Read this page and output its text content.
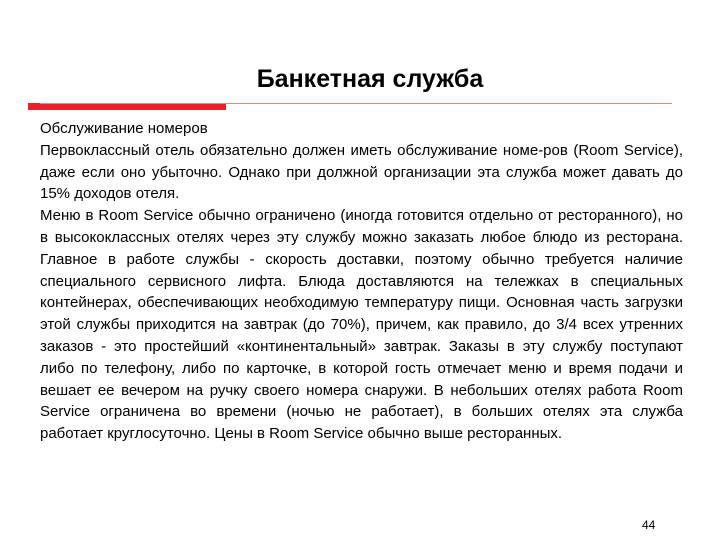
Банкетная служба

Обслуживание номеров

Первоклассный отель обязательно должен иметь обслуживание номе-ров (Room Service), даже если оно убыточно. Однако при должной организации эта служба может давать до 15% доходов отеля.

Меню в Room Service обычно ограничено (иногда готовится отдельно от ресторанного), но в высококлассных отелях через эту службу можно заказать любое блюдо из ресторана. Главное в работе службы - скорость доставки, поэтому обычно требуется наличие специального сервисного лифта. Блюда доставляются на тележках в специальных контейнерах, обеспечивающих необходимую температуру пищи. Основная часть загрузки этой службы приходится на завтрак (до 70%), причем, как правило, до 3/4 всех утренних заказов - это простейший «континентальный» завтрак. Заказы в эту службу поступают либо по телефону, либо по карточке, в которой гость отмечает меню и время подачи и вешает ее вечером на ручку своего номера снаружи. В небольших отелях работа Room Service ограничена во времени (ночью не работает), в больших отелях эта служба работает круглосуточно. Цены в Room Service обычно выше ресторанных.

44
